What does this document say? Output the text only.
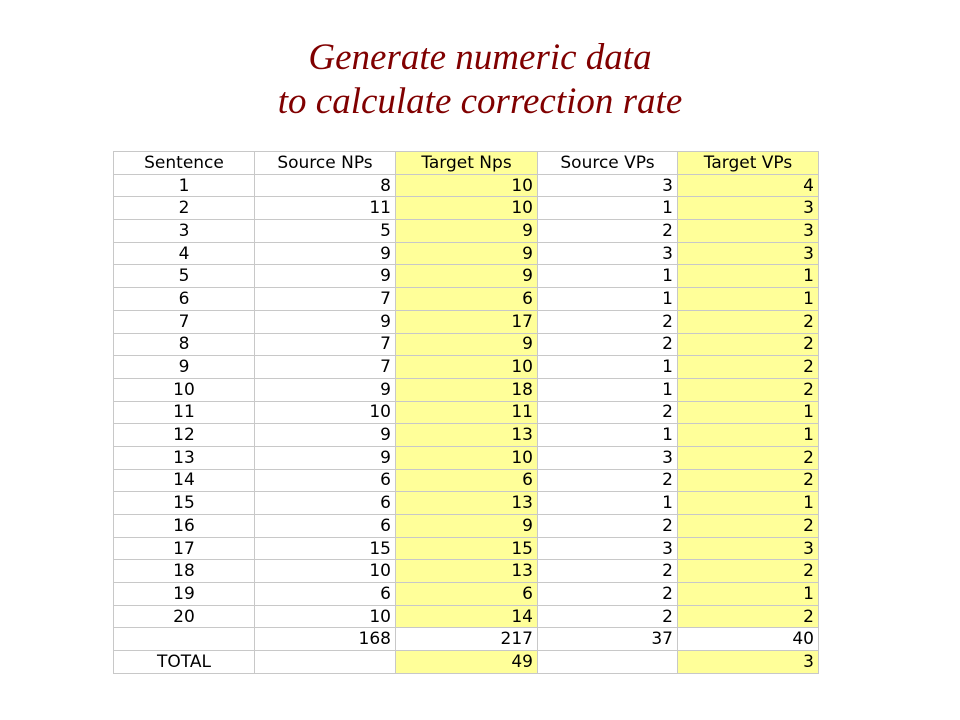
Generate numeric data
to calculate correction rate
Sentence	Source NPs	Target Nps	Source VPs	Target VPs
1	8	10	3	4
2	11	10	1	3
3	5	9	2	3
4	9	9	3	3
5	9	9	1	1
6	7	6	1	1
7	9	17	2	2
8	7	9	2	2
9	7	10	1	2
10	9	18	1	2
11	10	11	2	1
12	9	13	1	1
13	9	10	3	2
14	6	6	2	2
15	6	13	1	1
16	6	9	2	2
17	15	15	3	3
18	10	13	2	2
19	6	6	2	1
20	10	14	2	2
	168	217	37	40
TOTAL		49		3
